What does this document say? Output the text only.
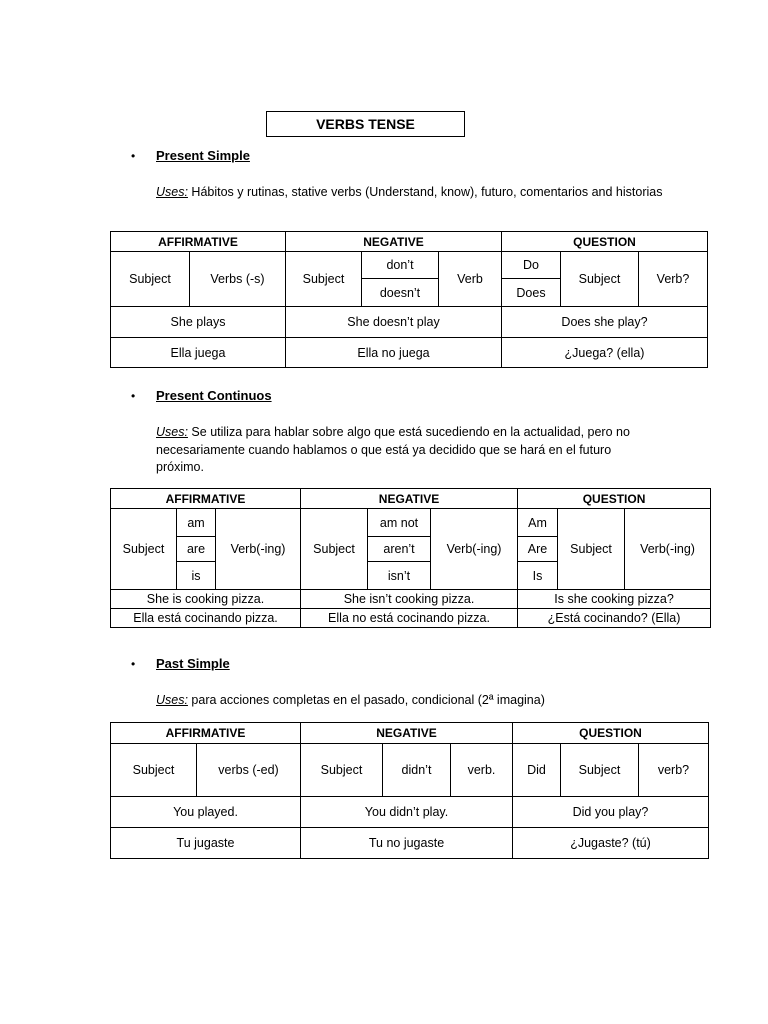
VERBS TENSE
• Present Simple
Uses: Hábitos y rutinas, stative verbs (Understand, know), futuro, comentarios and historias
AFFIRMATIVE		NEGATIVE			QUESTION		
Subject	Verbs (-s)	Subject	don’t	Verb	Do	Subject	Verb?
			doesn’t		Does		
She plays		She doesn’t play			Does she play?		
Ella juega		Ella no juega			¿Juega? (ella)		
• Present Continuos
Uses: Se utiliza para hablar sobre algo que está sucediendo en la actualidad, pero no necesariamente cuando hablamos o que está ya decidido que se hará en el futuro próximo.
AFFIRMATIVE			NEGATIVE			QUESTION		
Subject	am	Verb(-ing)	Subject	am not	Verb(-ing)	Am	Subject	Verb(-ing)
	are			aren’t		Are		
	is			isn’t		Is		
She is cooking pizza.			She isn’t cooking pizza.			Is she cooking pizza?		
Ella está cocinando pizza.			Ella no está cocinando pizza.			¿Está cocinando? (Ella)		
• Past Simple
Uses: para acciones completas en el pasado, condicional (2ª imagina)
AFFIRMATIVE		NEGATIVE			QUESTION		
Subject	verbs (-ed)	Subject	didn’t	verb.	Did	Subject	verb?
You played.		You didn’t play.			Did you play?		
Tu jugaste		Tu no jugaste			¿Jugaste? (tú)		
